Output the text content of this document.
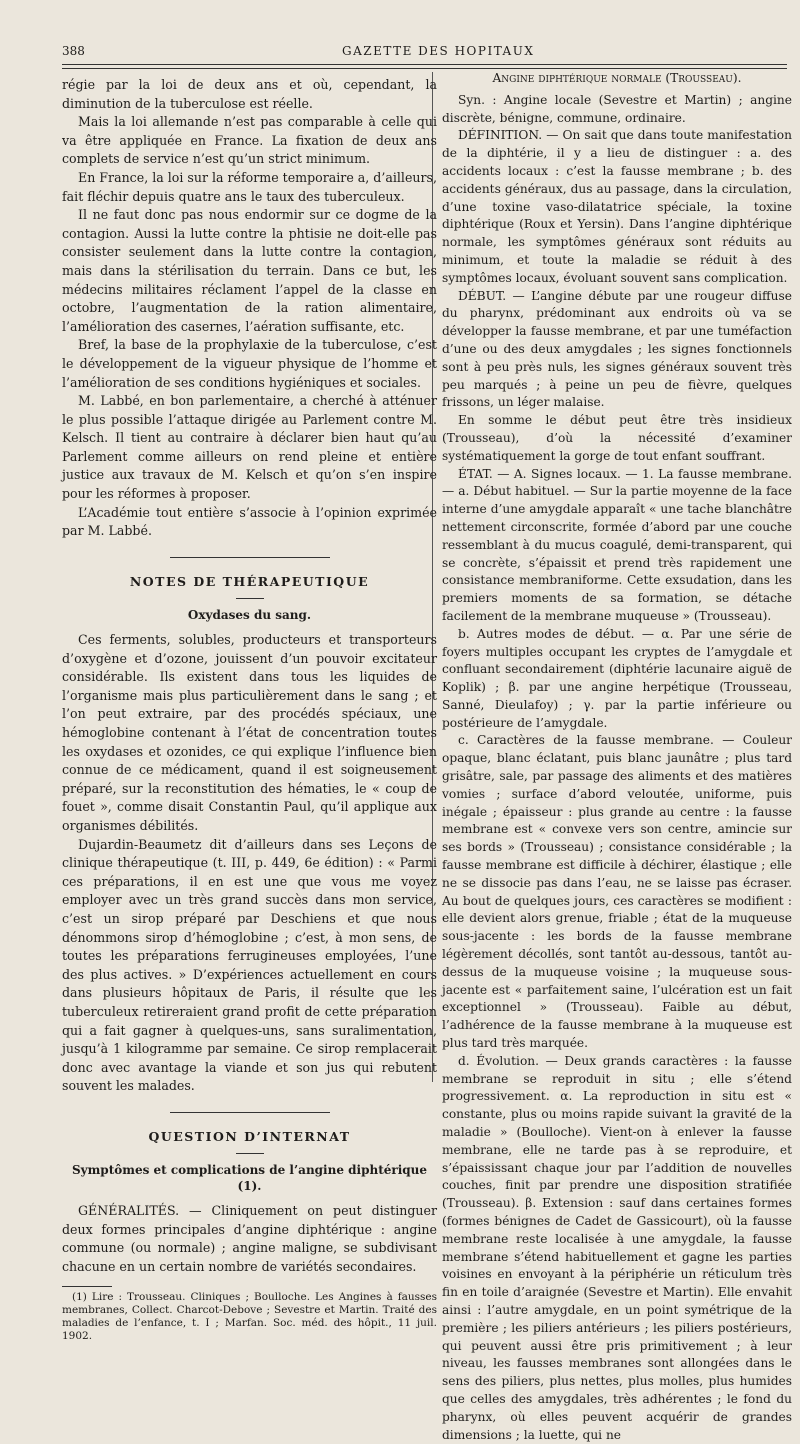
388	GAZETTE DES HOPITAUX

régie par la loi de deux ans et où, cependant, la diminution de la tuberculose est réelle.

Mais la loi allemande n’est pas comparable à celle qui va être appliquée en France. La fixation de deux ans complets de service n’est qu’un strict minimum.

En France, la loi sur la réforme temporaire a, d’ailleurs, fait fléchir depuis quatre ans le taux des tuberculeux.

Il ne faut donc pas nous endormir sur ce dogme de la contagion. Aussi la lutte contre la phtisie ne doit-elle pas consister seulement dans la lutte contre la contagion, mais dans la stérilisation du terrain. Dans ce but, les médecins militaires réclament l’appel de la classe en octobre, l’augmentation de la ration alimentaire, l’amélioration des casernes, l’aération suffisante, etc.

Bref, la base de la prophylaxie de la tuberculose, c’est le développement de la vigueur physique de l’homme et l’amélioration de ses conditions hygiéniques et sociales.

M. Labbé, en bon parlementaire, a cherché à atténuer le plus possible l’attaque dirigée au Parlement contre M. Kelsch. Il tient au contraire à déclarer bien haut qu’au Parlement comme ailleurs on rend pleine et entière justice aux travaux de M. Kelsch et qu’on s’en inspire pour les réformes à proposer.

L’Académie tout entière s’associe à l’opinion exprimée par M. Labbé.

NOTES DE THÉRAPEUTIQUE
Oxydases du sang.

Ces ferments, solubles, producteurs et transporteurs d’oxygène et d’ozone, jouissent d’un pouvoir excitateur considérable. Ils existent dans tous les liquides de l’organisme mais plus particulièrement dans le sang ; et l’on peut extraire, par des procédés spéciaux, une hémoglobine contenant à l’état de concentration toutes les oxydases et ozonides, ce qui explique l’influence bien connue de ce médicament, quand il est soigneusement préparé, sur la reconstitution des hématies, le « coup de fouet », comme disait Constantin Paul, qu’il applique aux organismes débilités.

Dujardin-Beaumetz dit d’ailleurs dans ses Leçons de clinique thérapeutique (t. III, p. 449, 6e édition) : « Parmi ces préparations, il en est une que vous me voyez employer avec un très grand succès dans mon service, c’est un sirop préparé par Deschiens et que nous dénommons sirop d’hémoglobine ; c’est, à mon sens, de toutes les préparations ferrugineuses employées, l’une des plus actives. » D’expériences actuellement en cours dans plusieurs hôpitaux de Paris, il résulte que les tuberculeux retireraient grand profit de cette préparation qui a fait gagner à quelques-uns, sans suralimentation, jusqu’à 1 kilogramme par semaine. Ce sirop remplacerait donc avec avantage la viande et son jus qui rebutent souvent les malades.

QUESTION D’INTERNAT
Symptômes et complications de l’angine diphtérique (1).

GÉNÉRALITÉS. — Cliniquement on peut distinguer deux formes principales d’angine diphtérique : angine commune (ou normale) ; angine maligne, se subdivisant chacune en un certain nombre de variétés secondaires.

(1) Lire : Trousseau. Cliniques ; Boulloche. Les Angines à fausses membranes, Collect. Charcot-Debove ; Sevestre et Martin. Traité des maladies de l’enfance, t. I ; Marfan. Soc. méd. des hôpit., 11 juil. 1902.

Angine diphtérique normale (Trousseau).

Syn. : Angine locale (Sevestre et Martin) ; angine discrète, bénigne, commune, ordinaire.

DÉFINITION. — On sait que dans toute manifestation de la diphtérie, il y a lieu de distinguer : a. des accidents locaux : c’est la fausse membrane ; b. des accidents généraux, dus au passage, dans la circulation, d’une toxine vaso-dilatatrice spéciale, la toxine diphtérique (Roux et Yersin). Dans l’angine diphtérique normale, les symptômes généraux sont réduits au minimum, et toute la maladie se réduit à des symptômes locaux, évoluant souvent sans complication.

DÉBUT. — L’angine débute par une rougeur diffuse du pharynx, prédominant aux endroits où va se développer la fausse membrane, et par une tuméfaction d’une ou des deux amygdales ; les signes fonctionnels sont à peu près nuls, les signes généraux souvent très peu marqués ; à peine un peu de fièvre, quelques frissons, un léger malaise.

En somme le début peut être très insidieux (Trousseau), d’où la nécessité d’examiner systématiquement la gorge de tout enfant souffrant.

ÉTAT. — A. Signes locaux. — 1. La fausse membrane. — a. Début habituel. — Sur la partie moyenne de la face interne d’une amygdale apparaît « une tache blanchâtre nettement circonscrite, formée d’abord par une couche ressemblant à du mucus coagulé, demi-transparent, qui se concrète, s’épaissit et prend très rapidement une consistance membraniforme. Cette exsudation, dans les premiers moments de sa formation, se détache facilement de la membrane muqueuse » (Trousseau).

b. Autres modes de début. — α. Par une série de foyers multiples occupant les cryptes de l’amygdale et confluant secondairement (diphtérie lacunaire aiguë de Koplik) ; β. par une angine herpétique (Trousseau, Sanné, Dieulafoy) ; γ. par la partie inférieure ou postérieure de l’amygdale.

c. Caractères de la fausse membrane. — Couleur opaque, blanc éclatant, puis blanc jaunâtre ; plus tard grisâtre, sale, par passage des aliments et des matières vomies ; surface d’abord veloutée, uniforme, puis inégale ; épaisseur : plus grande au centre : la fausse membrane est « convexe vers son centre, amincie sur ses bords » (Trousseau) ; consistance considérable ; la fausse membrane est difficile à déchirer, élastique ; elle ne se dissocie pas dans l’eau, ne se laisse pas écraser. Au bout de quelques jours, ces caractères se modifient : elle devient alors grenue, friable ; état de la muqueuse sous-jacente : les bords de la fausse membrane légèrement décollés, sont tantôt au-dessous, tantôt au-dessus de la muqueuse voisine ; la muqueuse sous-jacente est « parfaitement saine, l’ulcération est un fait exceptionnel » (Trousseau). Faible au début, l’adhérence de la fausse membrane à la muqueuse est plus tard très marquée.

d. Évolution. — Deux grands caractères : la fausse membrane se reproduit in situ ; elle s’étend progressivement. α. La reproduction in situ est « constante, plus ou moins rapide suivant la gravité de la maladie » (Boulloche). Vient-on à enlever la fausse membrane, elle ne tarde pas à se reproduire, et s’épaississant chaque jour par l’addition de nouvelles couches, finit par prendre une disposition stratifiée (Trousseau). β. Extension : sauf dans certaines formes (formes bénignes de Cadet de Gassicourt), où la fausse membrane reste localisée à une amygdale, la fausse membrane s’étend habituellement et gagne les parties voisines en envoyant à la périphérie un réticulum très fin en toile d’araignée (Sevestre et Martin). Elle envahit ainsi : l’autre amygdale, en un point symétrique de la première ; les piliers antérieurs ; les piliers postérieurs, qui peuvent aussi être pris primitivement ; à leur niveau, les fausses membranes sont allongées dans le sens des piliers, plus nettes, plus molles, plus humides que celles des amygdales, très adhérentes ; le fond du pharynx, où elles peuvent acquérir de grandes dimensions ; la luette, qui ne
